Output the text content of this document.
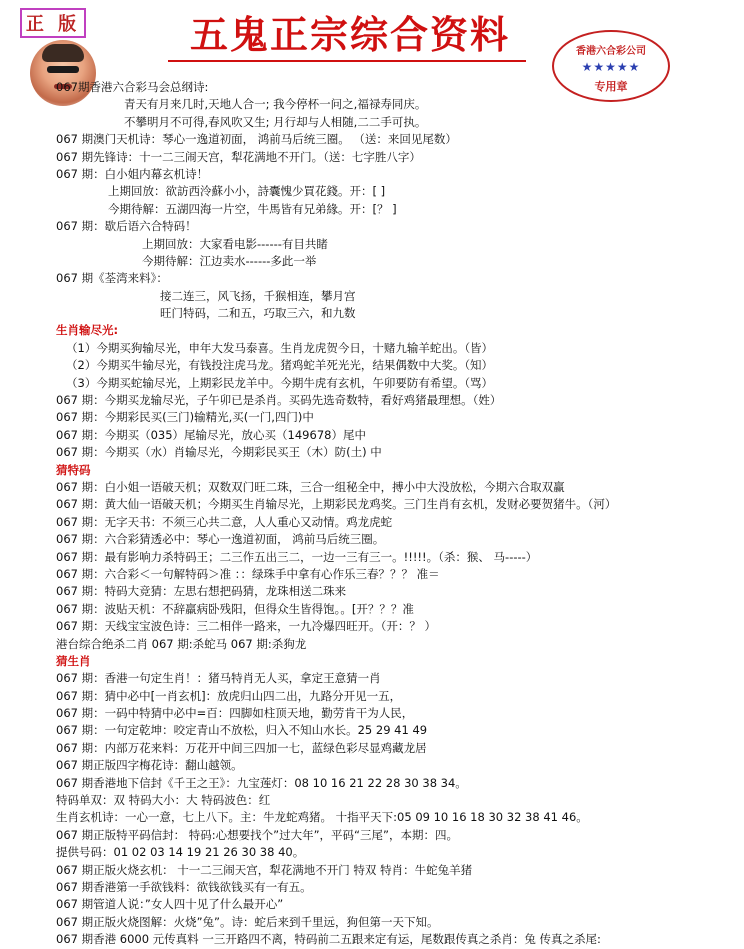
正 版	五鬼正宗综合资料	香港六合彩公司
★★★★★
专用章
067期香港六合彩马会总纲诗:
青天有月来几时,天地人合一; 我今停杯一问之,福禄寿同庆。
不攀明月不可得,春风吹又生; 月行却与人相随,二二手可执。
067 期澳门天机诗：琴心一逸道初面， 鸿前马后统三圈。 （送：来回见尾数）
067 期先锋诗：十一二三闹天宫，犁花满地不开门。（送：七字胜八字）
067 期：白小姐内幕玄机诗！
上期回放：欲訪西泠蘇小小，詩囊愧少買花錢。开：[ ]
今期待解：五湖四海一片空，牛馬皆有兄弟緣。开：[？ ]
067 期：歇后语六合特码！
上期回放：大家看电影------有目共睹
今期待解：江边卖水------多此一举
067 期《荃湾来料》：
接二连三，风飞扬，千猴相连，攀月宫
旺门特码，二和五，巧取三六，和九数
生肖输尽光:
（1）今期买狗输尽光，申年大发马泰喜。生肖龙虎贺今日，十赌九输羊蛇出。（皆）
（2）今期买牛输尽光，有钱投注虎马龙。猪鸡蛇羊死光光，结果偶数中大奖。（知）
（3）今期买蛇输尽光，上期彩民龙羊中。今期牛虎有玄机，午卯要防有希望。（骂）
067 期：今期买龙输尽光，子午卯已是杀肖。买码先选奇数特，看好鸡猪最理想。（姓）
067 期：今期彩民买(三门)输精光,买(一门,四门)中
067 期：今期买（035）尾输尽光，放心买（149678）尾中
067 期：今期买（水）肖输尽光，今期彩民买王（木）防(土) 中
猜特码
067 期：白小姐一语破天机；双数双门旺二珠，三合一组秘全中，搏小中大没放松，今期六合取双赢
067 期：黄大仙一语破天机；今期买生肖输尽光，上期彩民龙鸡奖。三门生肖有玄机，发财必要贺猪牛。（河）
067 期：无字天书：不须三心共二意，人人重心又动情。鸡龙虎蛇
067 期：六合彩猜透必中：琴心一逸道初面， 鸿前马后统三圈。
067 期：最有影响力杀特码王；二三作五出三二，一边一三有三一。!!!!!。（杀：猴、 马-----）
067 期：六合彩＜一句解特码＞准 ：：绿珠手中拿有心作乐三春？？？ 准＝
067 期：特码大竞猜：左思右想把码猜，龙珠相送二珠来
067 期：波贴天机：不辞羸病卧残阳，但得众生皆得饱。。[开？？？准
067 期：天线宝宝波色诗：三二相伴一路来，一九冷爆四旺开。（开：？ ）
港台综合绝杀二肖 067 期:杀蛇马 067 期:杀狗龙
猜生肖
067 期：香港一句定生肖！：猪马特肖无人买，拿定王意猜一肖
067 期：猜中必中[一肖玄机]：放虎归山四二出，九路分开见一五，
067 期：一码中特猜中必中=百：四脚如柱顶天地，勤劳肯干为人民，
067 期：一句定乾坤：咬定青山不放松，归入不知山水长。25 29 41 49
067 期：内部万花来料：万花开中间三四加一七，蓝绿色彩尽显鸡藏龙居
067 期正版四字梅花诗：翻山越领。
067 期香港地下信封《千王之王》：九宝莲灯：08 10 16 21 22 28 30 38 34。
特码单双：双 特码大小：大 特码波色：红
生肖玄机诗：一心一意，七上八下。主：牛龙蛇鸡猪。 十指平天下:05 09 10 16 18 30 32 38 41 46。
067 期正版特平码信封： 特码:心想要找个”过大年”，平码“三尾”，本期：四。
提供号码：01 02 03 14 19 21 26 30 38 40。
067 期正版火烧玄机： 十一二三闹天宫，犁花满地不开门 特双 特肖：牛蛇兔羊猪
067 期香港第一手欲钱料：欲钱欲钱买有一有五。
067 期管道人说：”女人四十见了什么最开心”
067 期正版火烧图解：火烧”兔”。诗：蛇后来到千里远，狗但第一天下知。
067 期香港 6000 元传真料 一三开路四不离，特码前二五跟来定有运，尾数跟传真之杀肖：兔 传真之杀尾:
